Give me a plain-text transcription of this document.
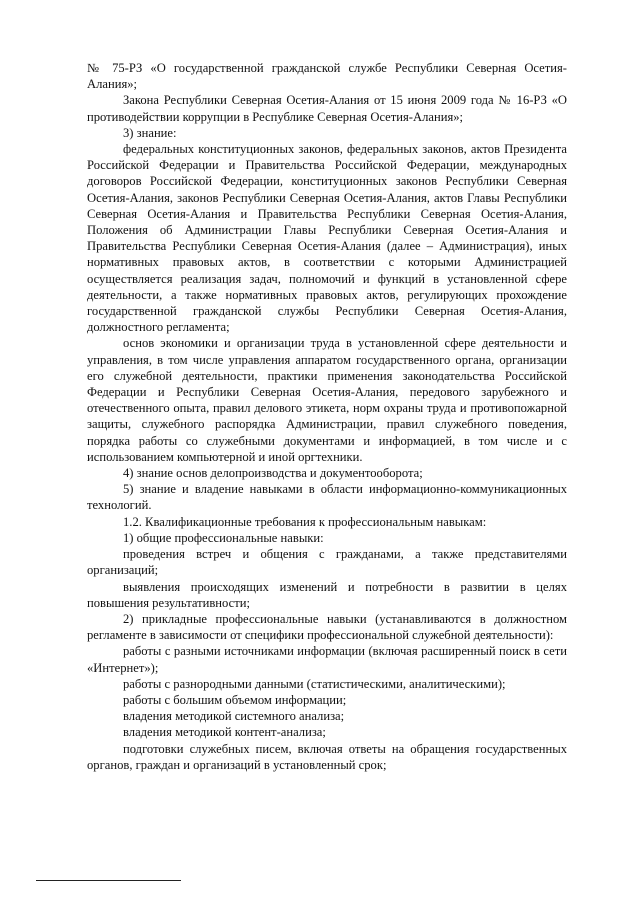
№ 75-РЗ «О государственной гражданской службе Республики Северная Осетия-Алания»;

Закона Республики Северная Осетия-Алания от 15 июня 2009 года № 16-РЗ «О противодействии коррупции в Республике Северная Осетия-Алания»;

3) знание:

федеральных конституционных законов, федеральных законов, актов Президента Российской Федерации и Правительства Российской Федерации, международных договоров Российской Федерации, конституционных законов Республики Северная Осетия-Алания, законов Республики Северная Осетия-Алания, актов Главы Республики Северная Осетия-Алания и Правительства Республики Северная Осетия-Алания, Положения об Администрации Главы Республики Северная Осетия-Алания и Правительства Республики Северная Осетия-Алания (далее – Администрация), иных нормативных правовых актов, в соответствии с которыми Администрацией осуществляется реализация задач, полномочий и функций в установленной сфере деятельности, а также нормативных правовых актов, регулирующих прохождение государственной гражданской службы Республики Северная Осетия-Алания, должностного регламента;

основ экономики и организации труда в установленной сфере деятельности и управления, в том числе управления аппаратом государственного органа, организации его служебной деятельности, практики применения законодательства Российской Федерации и Республики Северная Осетия-Алания, передового зарубежного и отечественного опыта, правил делового этикета, норм охраны труда и противопожарной защиты, служебного распорядка Администрации, правил служебного поведения, порядка работы со служебными документами и информацией, в том числе и с использованием компьютерной и иной оргтехники.

4) знание основ делопроизводства и документооборота;

5) знание и владение навыками в области информационно-коммуникационных технологий.

1.2. Квалификационные требования к профессиональным навыкам:

1) общие профессиональные навыки:

проведения встреч и общения с гражданами, а также представителями организаций;

выявления происходящих изменений и потребности в развитии в целях повышения результативности;

2) прикладные профессиональные навыки (устанавливаются в должностном регламенте в зависимости от специфики профессиональной служебной деятельности):

работы с разными источниками информации (включая расширенный поиск в сети «Интернет»);

работы с разнородными данными (статистическими, аналитическими);

работы с большим объемом информации;

владения методикой системного анализа;

владения методикой контент-анализа;

подготовки служебных писем, включая ответы на обращения государственных органов, граждан и организаций в установленный срок;
